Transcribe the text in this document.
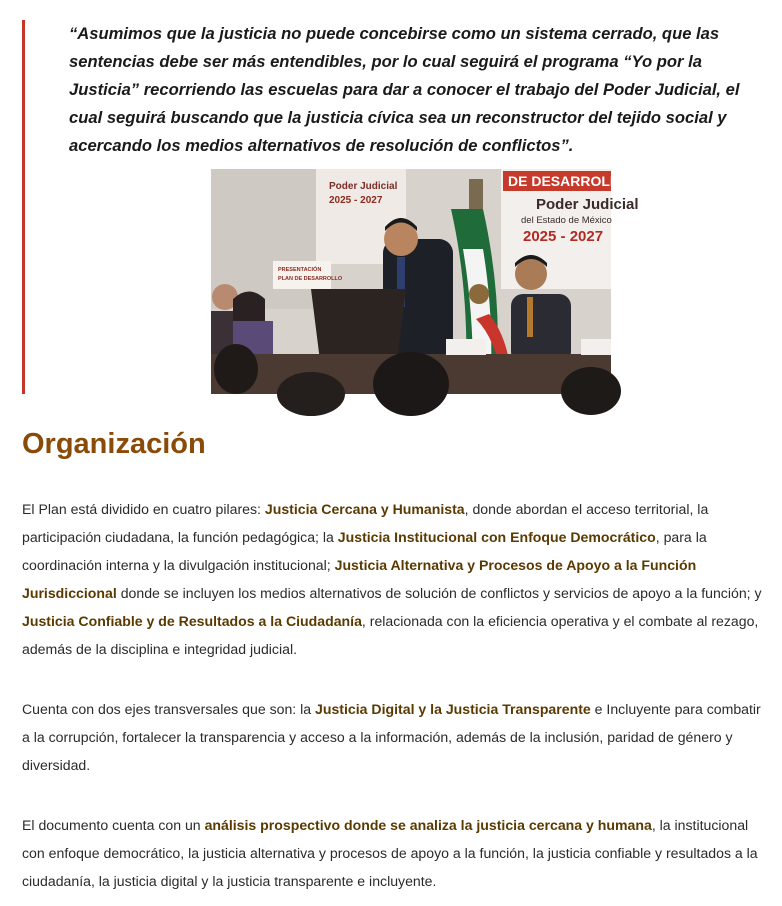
“Asumimos que la justicia no puede concebirse como un sistema cerrado, que las sentencias debe ser más entendibles, por lo cual seguirá el programa “Yo por la Justicia” recorriendo las escuelas para dar a conocer el trabajo del Poder Judicial, el cual seguirá buscando que la justicia cívica sea un reconstructor del tejido social y acercando los medios alternativos de resolución de conflictos”.

Poder Judicial
2025 - 2027
DE DESARROLLO
Poder Judicial
del Estado de México
2025 - 2027
PRESENTACIÓN
PLAN DE DESARROLLO
Organización

El Plan está dividido en cuatro pilares: Justicia Cercana y Humanista, donde abordan el acceso territorial, la participación ciudadana, la función pedagógica; la Justicia Institucional con Enfoque Democrático, para la coordinación interna y la divulgación institucional; Justicia Alternativa y Procesos de Apoyo a la Función Jurisdiccional donde se incluyen los medios alternativos de solución de conflictos y servicios de apoyo a la función; y Justicia Confiable y de Resultados a la Ciudadanía, relacionada con la eficiencia operativa y el combate al rezago, además de la disciplina e integridad judicial.

Cuenta con dos ejes transversales que son: la Justicia Digital y la Justicia Transparente e Incluyente para combatir a la corrupción, fortalecer la transparencia y acceso a la información, además de la inclusión, paridad de género y diversidad.

El documento cuenta con un análisis prospectivo donde se analiza la justicia cercana y humana, la institucional con enfoque democrático, la justicia alternativa y procesos de apoyo a la función, la justicia confiable y resultados a la ciudadanía, la justicia digital y la justicia transparente e incluyente.
